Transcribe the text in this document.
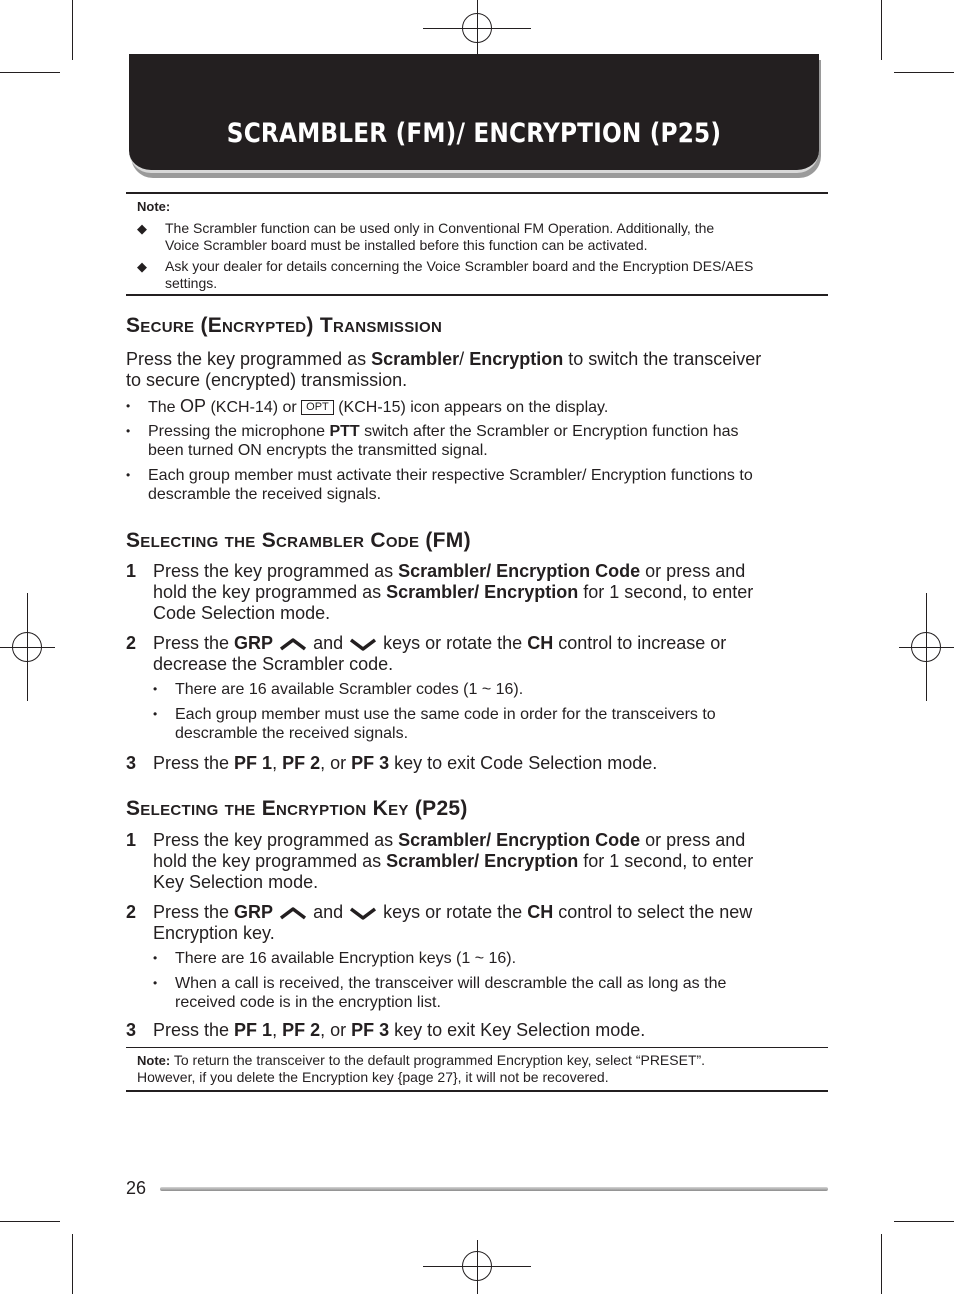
SCRAMBLER (FM)/ ENCRYPTION (P25)
Note:
◆ The Scrambler function can be used only in Conventional FM Operation. Additionally, the
Voice Scrambler board must be installed before this function can be activated.
◆ Ask your dealer for details concerning the Voice Scrambler board and the Encryption DES/AES
settings.
Secure (Encrypted) Transmission
Press the key programmed as Scrambler/ Encryption to switch the transceiver
to secure (encrypted) transmission.
• The OP (KCH-14) or OPT (KCH-15) icon appears on the display.
• Pressing the microphone PTT switch after the Scrambler or Encryption function has
been turned ON encrypts the transmitted signal.
• Each group member must activate their respective Scrambler/ Encryption functions to
descramble the received signals.
Selecting the Scrambler Code (FM)
1 Press the key programmed as Scrambler/ Encryption Code or press and
hold the key programmed as Scrambler/ Encryption for 1 second, to enter
Code Selection mode.
2 Press the GRP  and  keys or rotate the CH control to increase or
decrease the Scrambler code.
• There are 16 available Scrambler codes (1 ~ 16).
• Each group member must use the same code in order for the transceivers to
descramble the received signals.
3 Press the PF 1, PF 2, or PF 3 key to exit Code Selection mode.
Selecting the Encryption Key (P25)
1 Press the key programmed as Scrambler/ Encryption Code or press and
hold the key programmed as Scrambler/ Encryption for 1 second, to enter
Key Selection mode.
2 Press the GRP  and  keys or rotate the CH control to select the new
Encryption key.
• There are 16 available Encryption keys (1 ~ 16).
• When a call is received, the transceiver will descramble the call as long as the
received code is in the encryption list.
3 Press the PF 1, PF 2, or PF 3 key to exit Key Selection mode.
Note: To return the transceiver to the default programmed Encryption key, select “PRESET”.
However, if you delete the Encryption key {page 27}, it will not be recovered.
26
